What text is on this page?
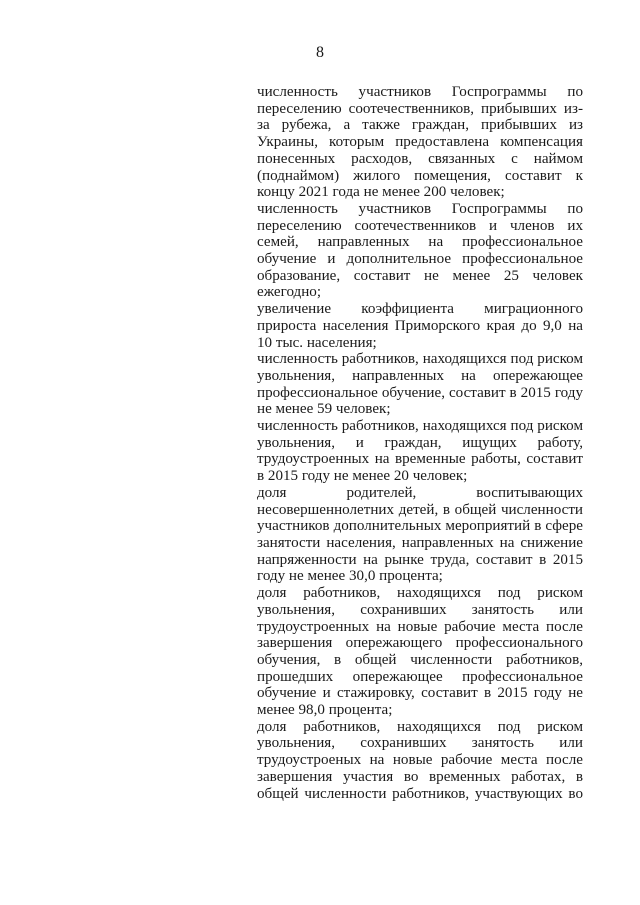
8

численность участников Госпрограммы по переселению соотечественников, прибывших из-за рубежа, а также граждан, прибывших из Украины, которым предоставлена компенсация понесенных расходов, связанных с наймом (поднаймом) жилого помещения, составит к концу 2021 года не менее 200 человек;

численность участников Госпрограммы по переселению соотечественников и членов их семей, направленных на профессиональное обучение и дополнительное профессиональное образование, составит не менее 25 человек ежегодно;

увеличение коэффициента миграционного прироста населения Приморского края до 9,0 на 10 тыс. населения;

численность работников, находящихся под риском увольнения, направленных на опережающее профессиональное обучение, составит в 2015 году не менее 59 человек;

численность работников, находящихся под риском увольнения, и граждан, ищущих работу, трудоустроенных на временные работы, составит в 2015 году не менее 20 человек;

доля родителей, воспитывающих несовершеннолетних детей, в общей численности участников дополнительных мероприятий в сфере занятости населения, направленных на снижение напряженности на рынке труда, составит в 2015 году не менее 30,0 процента;

доля работников, находящихся под риском увольнения, сохранивших занятость или трудоустроенных на новые рабочие места после завершения опережающего профессионального обучения, в общей численности работников, прошедших опережающее профессиональное обучение и стажировку, составит в 2015 году не менее 98,0 процента;

доля работников, находящихся под риском увольнения, сохранивших занятость или трудоустроеных на новые рабочие места после завершения участия во временных работах, в общей численности работников, участвующих во
